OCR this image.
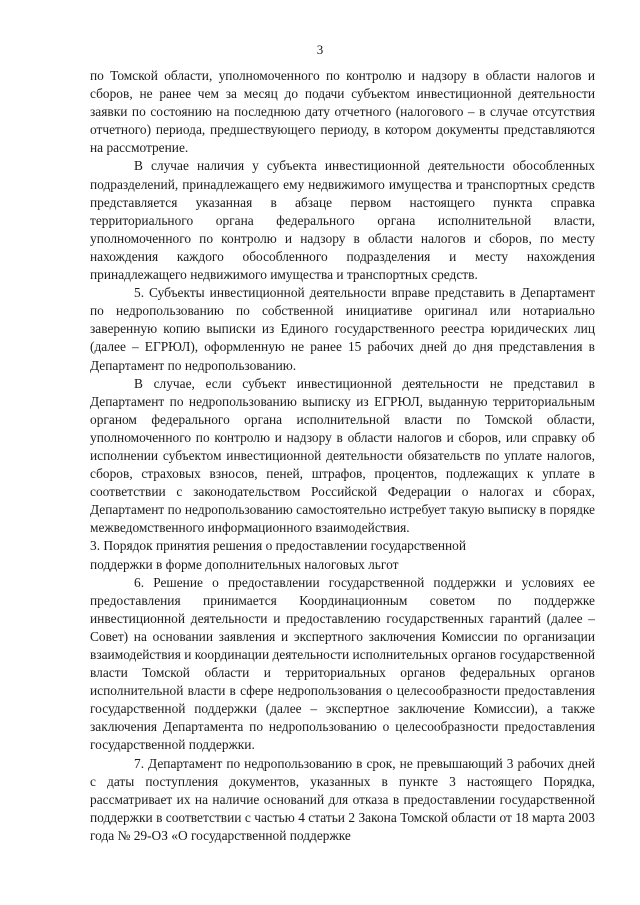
3

по Томской области, уполномоченного по контролю и надзору в области налогов и сборов, не ранее чем за месяц до подачи субъектом инвестиционной деятельности заявки по состоянию на последнюю дату отчетного (налогового – в случае отсутствия отчетного) периода, предшествующего периоду, в котором документы представляются на рассмотрение.

В случае наличия у субъекта инвестиционной деятельности обособленных подразделений, принадлежащего ему недвижимого имущества и транспортных средств представляется указанная в абзаце первом настоящего пункта справка территориального органа федерального органа исполнительной власти, уполномоченного по контролю и надзору в области налогов и сборов, по месту нахождения каждого обособленного подразделения и месту нахождения принадлежащего недвижимого имущества и транспортных средств.

5. Субъекты инвестиционной деятельности вправе представить в Департамент по недропользованию по собственной инициативе оригинал или нотариально заверенную копию выписки из Единого государственного реестра юридических лиц (далее – ЕГРЮЛ), оформленную не ранее 15 рабочих дней до дня представления в Департамент по недропользованию.

В случае, если субъект инвестиционной деятельности не представил в Департамент по недропользованию выписку из ЕГРЮЛ, выданную территориальным органом федерального органа исполнительной власти по Томской области, уполномоченного по контролю и надзору в области налогов и сборов, или справку об исполнении субъектом инвестиционной деятельности обязательств по уплате налогов, сборов, страховых взносов, пеней, штрафов, процентов, подлежащих к уплате в соответствии с законодательством Российской Федерации о налогах и сборах, Департамент по недропользованию самостоятельно истребует такую выписку в порядке межведомственного информационного взаимодействия.

3. Порядок принятия решения о предоставлении государственной
поддержки в форме дополнительных налоговых льгот

6. Решение о предоставлении государственной поддержки и условиях ее предоставления принимается Координационным советом по поддержке инвестиционной деятельности и предоставлению государственных гарантий (далее – Совет) на основании заявления и экспертного заключения Комиссии по организации взаимодействия и координации деятельности исполнительных органов государственной власти Томской области и территориальных органов федеральных органов исполнительной власти в сфере недропользования о целесообразности предоставления государственной поддержки (далее – экспертное заключение Комиссии), а также заключения Департамента по недропользованию о целесообразности предоставления государственной поддержки.

7. Департамент по недропользованию в срок, не превышающий 3 рабочих дней с даты поступления документов, указанных в пункте 3 настоящего Порядка, рассматривает их на наличие оснований для отказа в предоставлении государственной поддержки в соответствии с частью 4 статьи 2 Закона Томской области от 18 марта 2003 года № 29-ОЗ «О государственной поддержке
